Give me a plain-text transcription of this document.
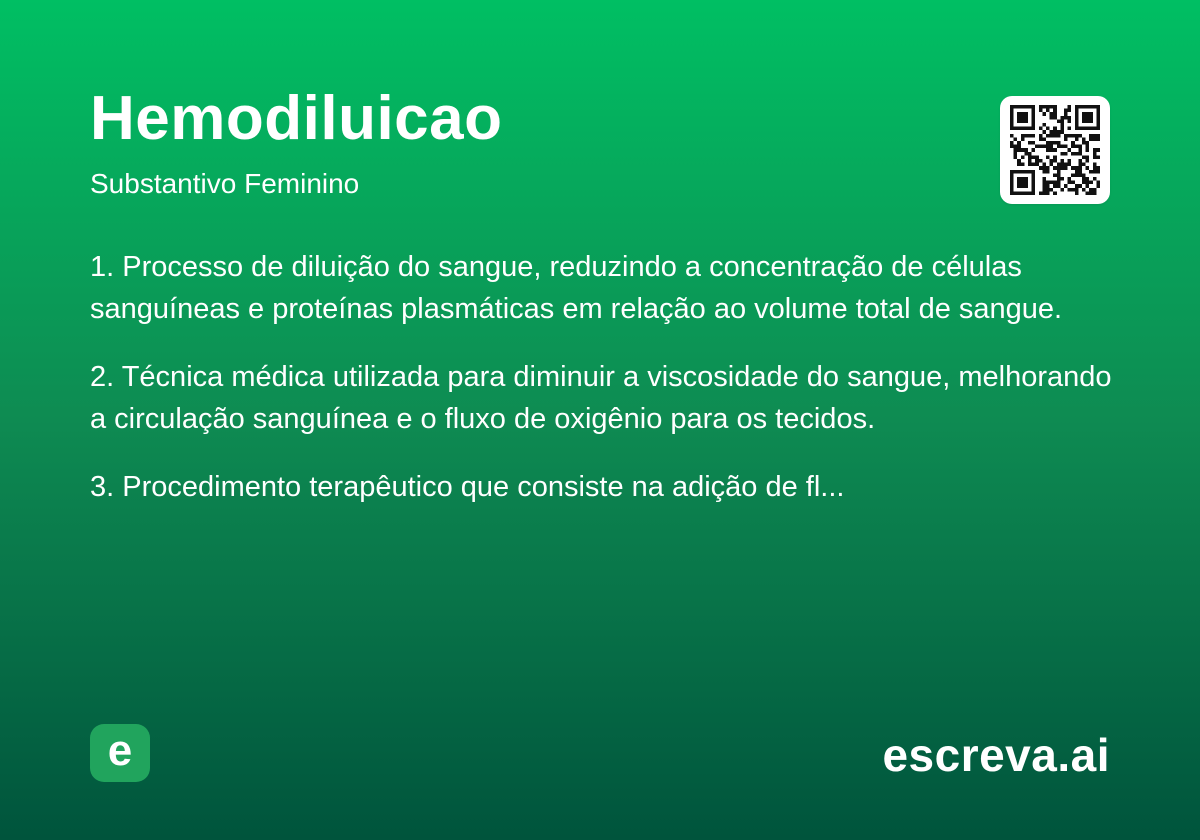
Hemodiluicao
Substantivo Feminino

1. Processo de diluição do sangue, reduzindo a concentração de células sanguíneas e proteínas plasmáticas em relação ao volume total de sangue.

2. Técnica médica utilizada para diminuir a viscosidade do sangue, melhorando a circulação sanguínea e o fluxo de oxigênio para os tecidos.

3. Procedimento terapêutico que consiste na adição de fl...

e	escreva.ai
